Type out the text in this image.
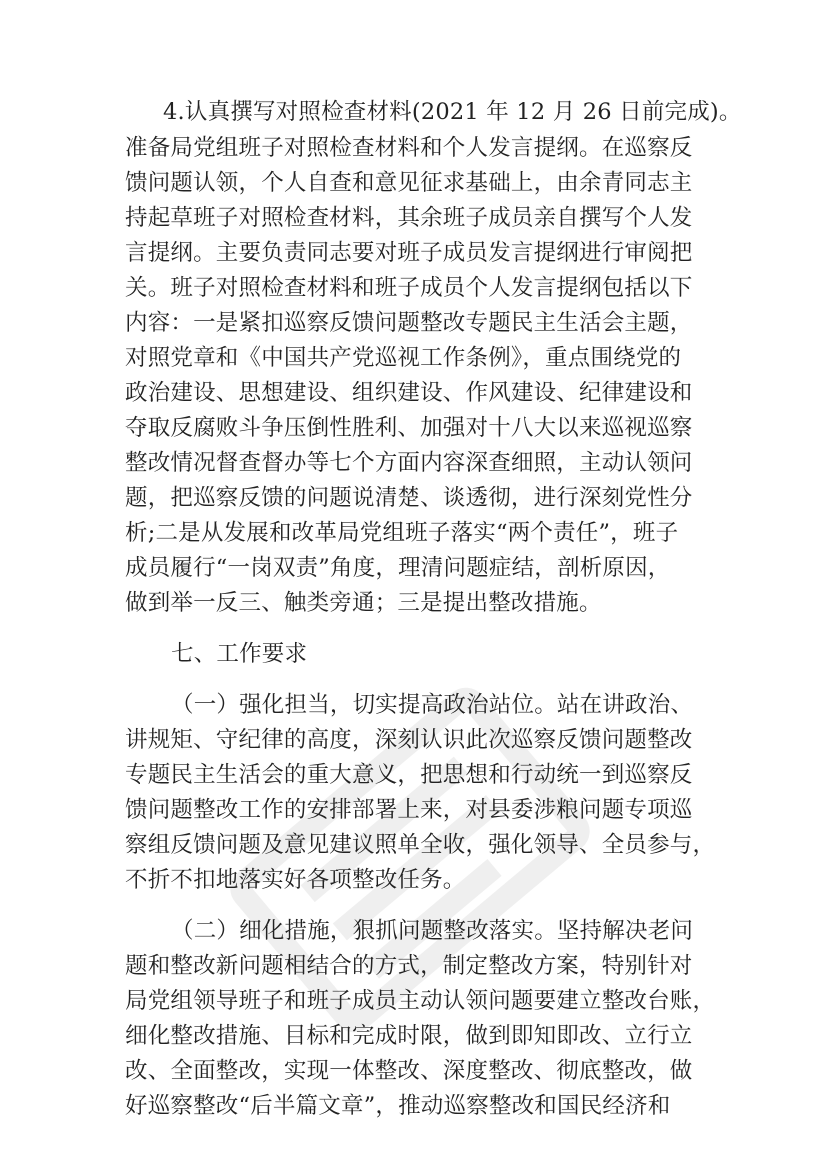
4.认真撰写对照检查材料(2021 年 12 月 26 日前完成)。
准备局党组班子对照检查材料和个人发言提纲。在巡察反
馈问题认领，个人自查和意见征求基础上，由余青同志主
持起草班子对照检查材料，其余班子成员亲自撰写个人发
言提纲。主要负责同志要对班子成员发言提纲进行审阅把
关。班子对照检查材料和班子成员个人发言提纲包括以下
内容：一是紧扣巡察反馈问题整改专题民主生活会主题，
对照党章和《中国共产党巡视工作条例》，重点围绕党的
政治建设、思想建设、组织建设、作风建设、纪律建设和
夺取反腐败斗争压倒性胜利、加强对十八大以来巡视巡察
整改情况督查督办等七个方面内容深查细照，主动认领问
题，把巡察反馈的问题说清楚、谈透彻，进行深刻党性分
析;二是从发展和改革局党组班子落实“两个责任”，班子
成员履行“一岗双责”角度，理清问题症结，剖析原因，
做到举一反三、触类旁通；三是提出整改措施。
七、工作要求
（一）强化担当，切实提高政治站位。站在讲政治、
讲规矩、守纪律的高度，深刻认识此次巡察反馈问题整改
专题民主生活会的重大意义，把思想和行动统一到巡察反
馈问题整改工作的安排部署上来，对县委涉粮问题专项巡
察组反馈问题及意见建议照单全收，强化领导、全员参与，
不折不扣地落实好各项整改任务。
（二）细化措施，狠抓问题整改落实。坚持解决老问
题和整改新问题相结合的方式，制定整改方案，特别针对
局党组领导班子和班子成员主动认领问题要建立整改台账，
细化整改措施、目标和完成时限，做到即知即改、立行立
改、全面整改，实现一体整改、深度整改、彻底整改，做
好巡察整改“后半篇文章”，推动巡察整改和国民经济和
